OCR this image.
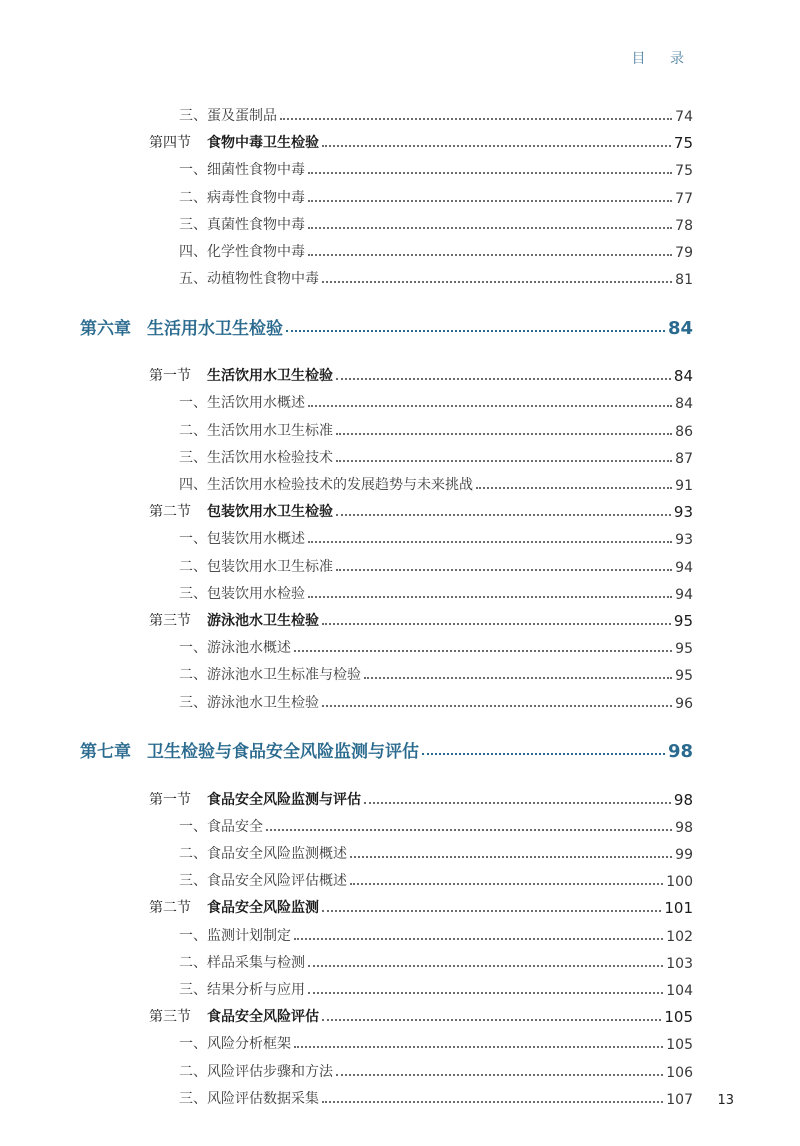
目 录
三、蛋及蛋制品	74
第四节 食物中毒卫生检验	75
一、细菌性食物中毒	75
二、病毒性食物中毒	77
三、真菌性食物中毒	78
四、化学性食物中毒	79
五、动植物性食物中毒	81
第六章 生活用水卫生检验	84
第一节 生活饮用水卫生检验	84
一、生活饮用水概述	84
二、生活饮用水卫生标准	86
三、生活饮用水检验技术	87
四、生活饮用水检验技术的发展趋势与未来挑战	91
第二节 包装饮用水卫生检验	93
一、包装饮用水概述	93
二、包装饮用水卫生标准	94
三、包装饮用水检验	94
第三节 游泳池水卫生检验	95
一、游泳池水概述	95
二、游泳池水卫生标准与检验	95
三、游泳池水卫生检验	96
第七章 卫生检验与食品安全风险监测与评估	98
第一节 食品安全风险监测与评估	98
一、食品安全	98
二、食品安全风险监测概述	99
三、食品安全风险评估概述	100
第二节 食品安全风险监测	101
一、监测计划制定	102
二、样品采集与检测	103
三、结果分析与应用	104
第三节 食品安全风险评估	105
一、风险分析框架	105
二、风险评估步骤和方法	106
三、风险评估数据采集	107 13
